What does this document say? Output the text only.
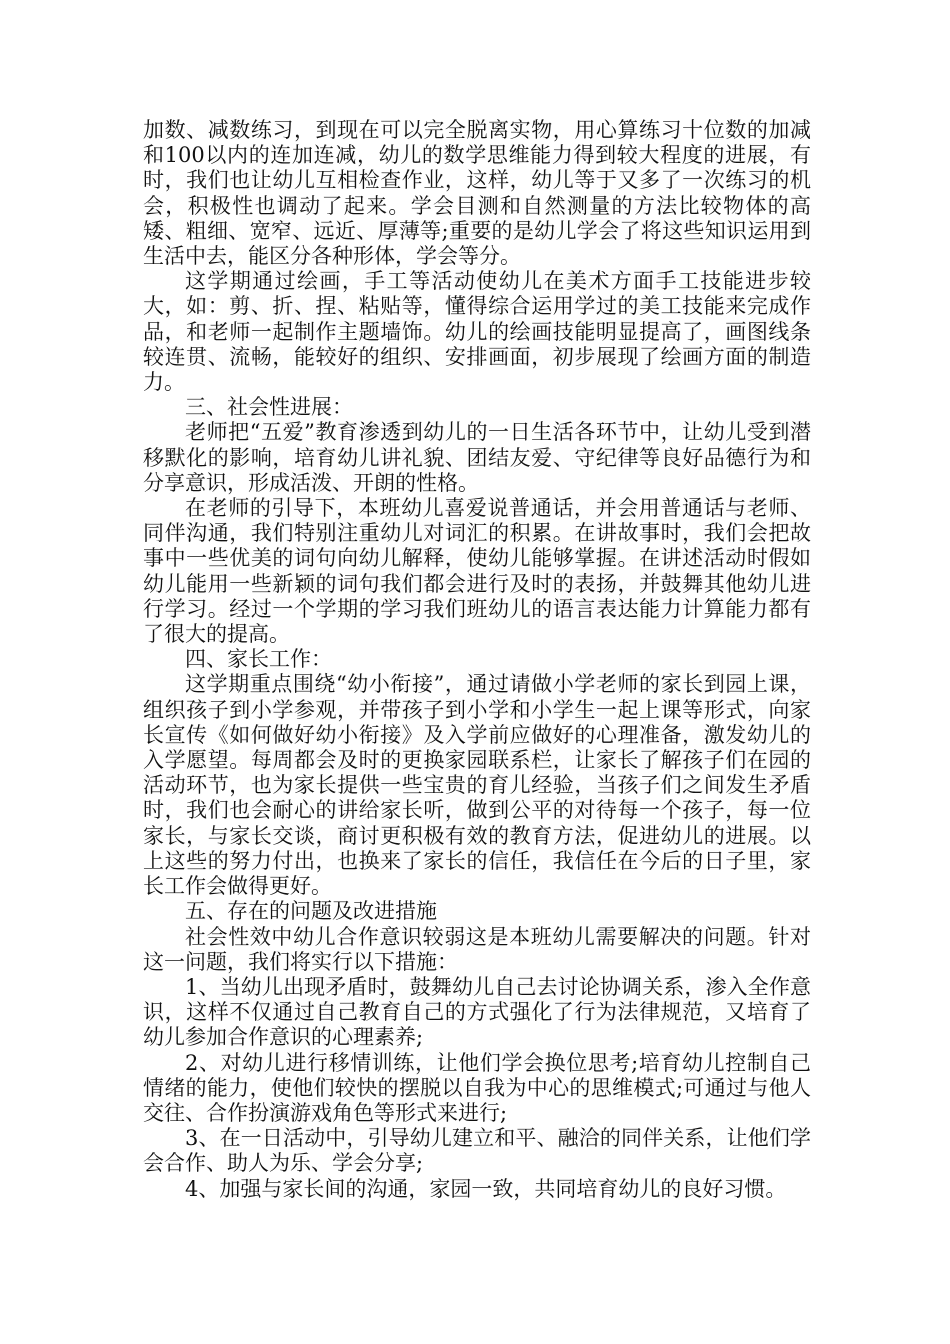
加数、减数练习，到现在可以完全脱离实物，用心算练习十位数的加减和100以内的连加连减，幼儿的数学思维能力得到较大程度的进展，有时，我们也让幼儿互相检查作业，这样，幼儿等于又多了一次练习的机会，积极性也调动了起来。学会目测和自然测量的方法比较物体的高矮、粗细、宽窄、远近、厚薄等;重要的是幼儿学会了将这些知识运用到生活中去，能区分各种形体，学会等分。

这学期通过绘画，手工等活动使幼儿在美术方面手工技能进步较大，如：剪、折、捏、粘贴等，懂得综合运用学过的美工技能来完成作品，和老师一起制作主题墙饰。幼儿的绘画技能明显提高了，画图线条较连贯、流畅，能较好的组织、安排画面，初步展现了绘画方面的制造力。

三、社会性进展：

老师把“五爱”教育渗透到幼儿的一日生活各环节中，让幼儿受到潜移默化的影响，培育幼儿讲礼貌、团结友爱、守纪律等良好品德行为和分享意识，形成活泼、开朗的性格。

在老师的引导下，本班幼儿喜爱说普通话，并会用普通话与老师、同伴沟通，我们特别注重幼儿对词汇的积累。在讲故事时，我们会把故事中一些优美的词句向幼儿解释，使幼儿能够掌握。在讲述活动时假如幼儿能用一些新颖的词句我们都会进行及时的表扬，并鼓舞其他幼儿进行学习。经过一个学期的学习我们班幼儿的语言表达能力计算能力都有了很大的提高。

四、家长工作：

这学期重点围绕“幼小衔接”，通过请做小学老师的家长到园上课，组织孩子到小学参观，并带孩子到小学和小学生一起上课等形式，向家长宣传《如何做好幼小衔接》及入学前应做好的心理准备，激发幼儿的入学愿望。每周都会及时的更换家园联系栏，让家长了解孩子们在园的活动环节，也为家长提供一些宝贵的育儿经验，当孩子们之间发生矛盾时，我们也会耐心的讲给家长听，做到公平的对待每一个孩子，每一位家长，与家长交谈，商讨更积极有效的教育方法，促进幼儿的进展。以上这些的努力付出，也换来了家长的信任，我信任在今后的日子里，家长工作会做得更好。

五、存在的问题及改进措施

社会性效中幼儿合作意识较弱这是本班幼儿需要解决的问题。针对这一问题，我们将实行以下措施：

1、当幼儿出现矛盾时，鼓舞幼儿自己去讨论协调关系，渗入全作意识，这样不仅通过自己教育自己的方式强化了行为法律规范，又培育了幼儿参加合作意识的心理素养;

2、对幼儿进行移情训练，让他们学会换位思考;培育幼儿控制自己情绪的能力，使他们较快的摆脱以自我为中心的思维模式;可通过与他人交往、合作扮演游戏角色等形式来进行;

3、在一日活动中，引导幼儿建立和平、融洽的同伴关系，让他们学会合作、助人为乐、学会分享;

4、加强与家长间的沟通，家园一致，共同培育幼儿的良好习惯。
